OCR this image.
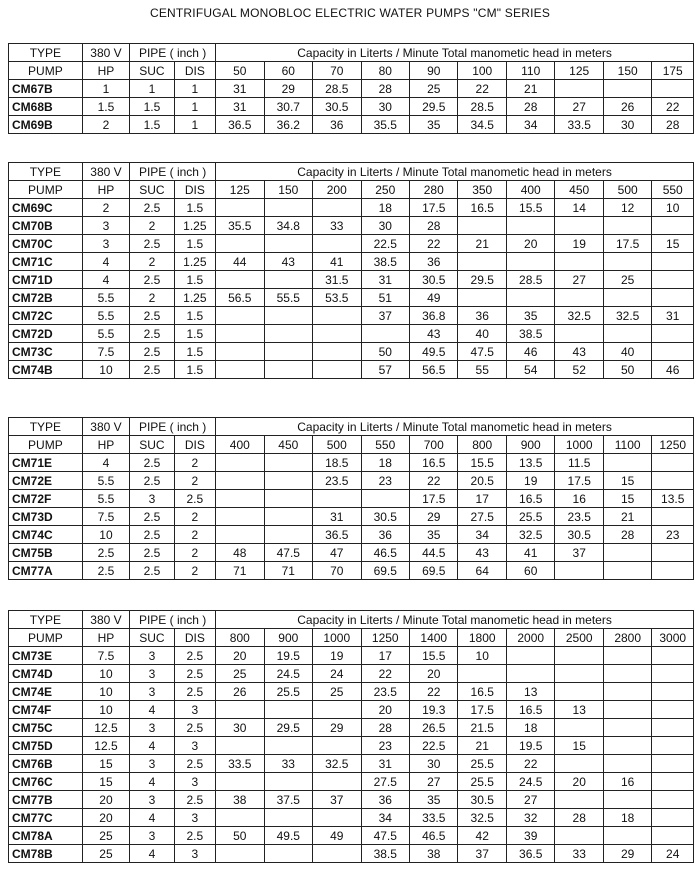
CENTRIFUGAL MONOBLOC ELECTRIC WATER PUMPS "CM" SERIES
TYPE	380 V	PIPE ( inch )		Capacity in Literts / Minute Total manometic head in meters									
PUMP	HP	SUC	DIS	50	60	70	80	90	100	110	125	150	175
CM67B	1	1	1	31	29	28.5	28	25	22	21			
CM68B	1.5	1.5	1	31	30.7	30.5	30	29.5	28.5	28	27	26	22
CM69B	2	1.5	1	36.5	36.2	36	35.5	35	34.5	34	33.5	30	28
TYPE	380 V	PIPE ( inch )		Capacity in Literts / Minute Total manometic head in meters									
PUMP	HP	SUC	DIS	125	150	200	250	280	350	400	450	500	550
CM69C	2	2.5	1.5				18	17.5	16.5	15.5	14	12	10
CM70B	3	2	1.25	35.5	34.8	33	30	28					
CM70C	3	2.5	1.5				22.5	22	21	20	19	17.5	15
CM71C	4	2	1.25	44	43	41	38.5	36					
CM71D	4	2.5	1.5			31.5	31	30.5	29.5	28.5	27	25	
CM72B	5.5	2	1.25	56.5	55.5	53.5	51	49					
CM72C	5.5	2.5	1.5				37	36.8	36	35	32.5	32.5	31
CM72D	5.5	2.5	1.5					43	40	38.5			
CM73C	7.5	2.5	1.5				50	49.5	47.5	46	43	40	
CM74B	10	2.5	1.5				57	56.5	55	54	52	50	46
TYPE	380 V	PIPE ( inch )		Capacity in Literts / Minute Total manometic head in meters									
PUMP	HP	SUC	DIS	400	450	500	550	700	800	900	1000	1100	1250
CM71E	4	2.5	2			18.5	18	16.5	15.5	13.5	11.5		
CM72E	5.5	2.5	2			23.5	23	22	20.5	19	17.5	15	
CM72F	5.5	3	2.5					17.5	17	16.5	16	15	13.5
CM73D	7.5	2.5	2			31	30.5	29	27.5	25.5	23.5	21	
CM74C	10	2.5	2			36.5	36	35	34	32.5	30.5	28	23
CM75B	2.5	2.5	2	48	47.5	47	46.5	44.5	43	41	37		
CM77A	2.5	2.5	2	71	71	70	69.5	69.5	64	60			
TYPE	380 V	PIPE ( inch )		Capacity in Literts / Minute Total manometic head in meters									
PUMP	HP	SUC	DIS	800	900	1000	1250	1400	1800	2000	2500	2800	3000
CM73E	7.5	3	2.5	20	19.5	19	17	15.5	10				
CM74D	10	3	2.5	25	24.5	24	22	20					
CM74E	10	3	2.5	26	25.5	25	23.5	22	16.5	13			
CM74F	10	4	3				20	19.3	17.5	16.5	13		
CM75C	12.5	3	2.5	30	29.5	29	28	26.5	21.5	18			
CM75D	12.5	4	3				23	22.5	21	19.5	15		
CM76B	15	3	2.5	33.5	33	32.5	31	30	25.5	22			
CM76C	15	4	3				27.5	27	25.5	24.5	20	16	
CM77B	20	3	2.5	38	37.5	37	36	35	30.5	27			
CM77C	20	4	3				34	33.5	32.5	32	28	18	
CM78A	25	3	2.5	50	49.5	49	47.5	46.5	42	39			
CM78B	25	4	3				38.5	38	37	36.5	33	29	24
